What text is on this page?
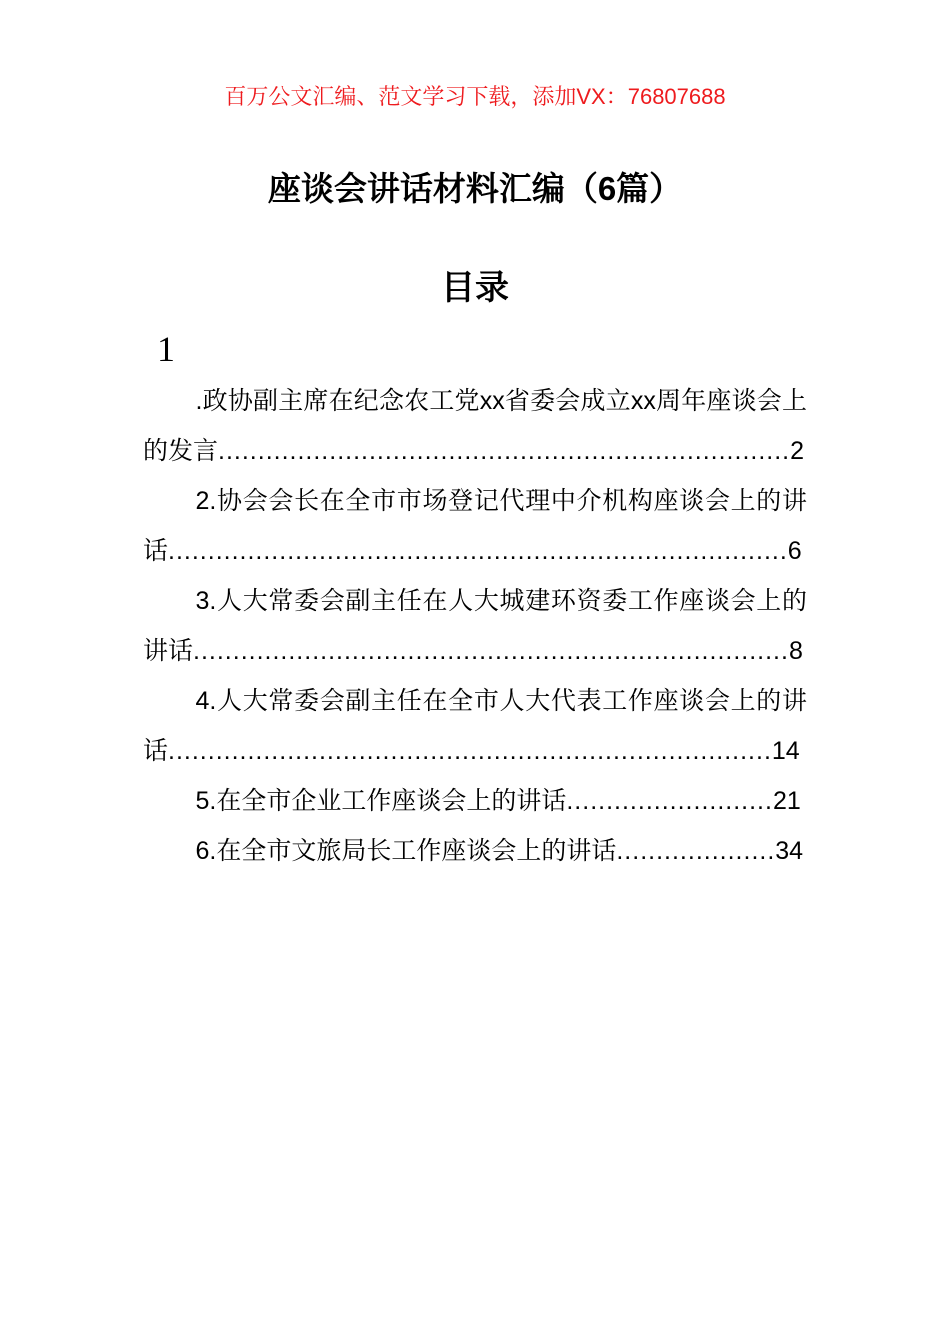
百万公文汇编、范文学习下载，添加VX：76807688

座谈会讲话材料汇编（6篇）
目录

1

.政协副主席在纪念农工党xx省委会成立xx周年座谈会上的发言........................................................................2

2.协会会长在全市市场登记代理中介机构座谈会上的讲话..............................................................................6

3.人大常委会副主任在人大城建环资委工作座谈会上的讲话...........................................................................8

4.人大常委会副主任在全市人大代表工作座谈会上的讲话............................................................................14

5.在全市企业工作座谈会上的讲话..........................21

6.在全市文旅局长工作座谈会上的讲话....................34
